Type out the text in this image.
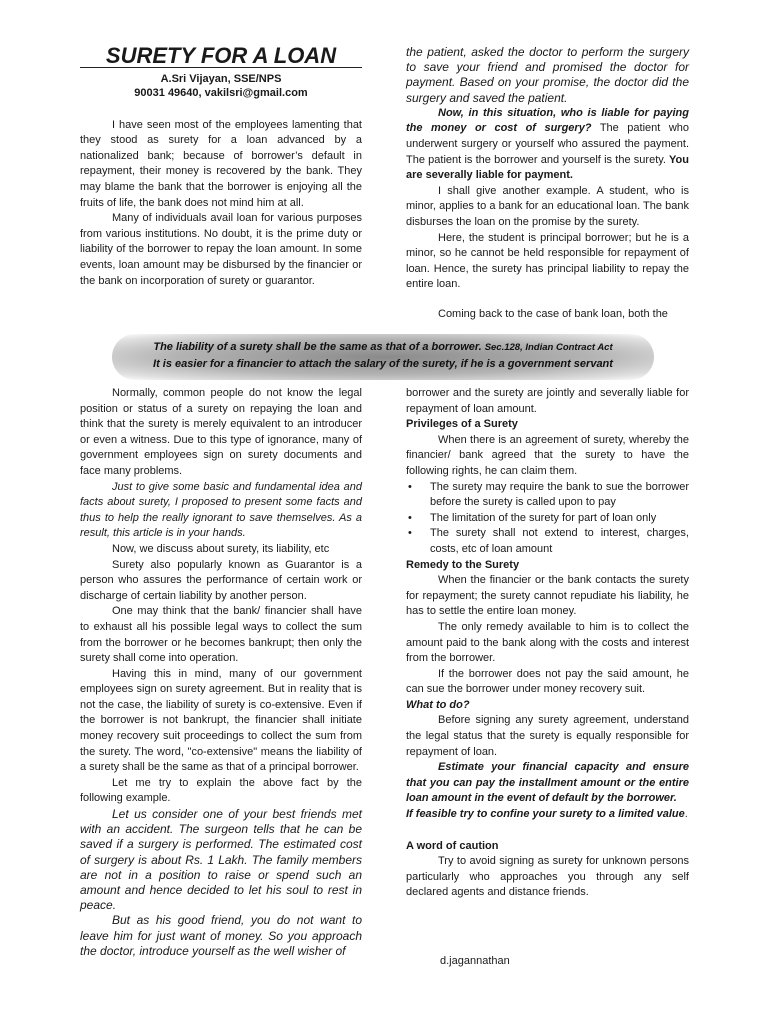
SURETY FOR A LOAN
A.Sri Vijayan, SSE/NPS
90031 49640, vakilsri@gmail.com

I have seen most of the employees lamenting that they stood as surety for a loan advanced by a nationalized bank; because of borrower’s default in repayment, their money is recovered by the bank. They may blame the bank that the borrower is enjoying all the fruits of life, the bank does not mind him at all.

Many of individuals avail loan for various purposes from various institutions. No doubt, it is the prime duty or liability of the borrower to repay the loan amount. In some events, loan amount may be disbursed by the financier or the bank on incorporation of surety or guarantor.

the patient, asked the doctor to perform the surgery to save your friend and promised the doctor for payment. Based on your promise, the doctor did the surgery and saved the patient.

Now, in this situation, who is liable for paying the money or cost of surgery? The patient who underwent surgery or yourself who assured the payment. The patient is the borrower and yourself is the surety. You are severally liable for payment.

I shall give another example. A student, who is minor, applies to a bank for an educational loan. The bank disburses the loan on the promise by the surety.

Here, the student is principal borrower; but he is a minor, so he cannot be held responsible for repayment of loan. Hence, the surety has principal liability to repay the entire loan.

Coming back to the case of bank loan, both the

The liability of a surety shall be the same as that of a borrower. Sec.128, Indian Contract Act
It is easier for a financier to attach the salary of the surety, if he is a government servant

Normally, common people do not know the legal position or status of a surety on repaying the loan and think that the surety is merely equivalent to an introducer or even a witness. Due to this type of ignorance, many of government employees sign on surety documents and face many problems.

Just to give some basic and fundamental idea and facts about surety, I proposed to present some facts and thus to help the really ignorant to save themselves. As a result, this article is in your hands.

Now, we discuss about surety, its liability, etc

Surety also popularly known as Guarantor is a person who assures the performance of certain work or discharge of certain liability by another person.

One may think that the bank/ financier shall have to exhaust all his possible legal ways to collect the sum from the borrower or he becomes bankrupt; then only the surety shall come into operation.

Having this in mind, many of our government employees sign on surety agreement. But in reality that is not the case, the liability of surety is co-extensive. Even if the borrower is not bankrupt, the financier shall initiate money recovery suit proceedings to collect the sum from the surety. The word, "co-extensive" means the liability of a surety shall be the same as that of a principal borrower.

Let me try to explain the above fact by the following example.

Let us consider one of your best friends met with an accident. The surgeon tells that he can be saved if a surgery is performed. The estimated cost of surgery is about Rs. 1 Lakh. The family members are not in a position to raise or spend such an amount and hence decided to let his soul to rest in peace.

But as his good friend, you do not want to leave him for just want of money. So you approach the doctor, introduce yourself as the well wisher of

borrower and the surety are jointly and severally liable for repayment of loan amount.

Privileges of a Surety

When there is an agreement of surety, whereby the financier/ bank agreed that the surety to have the following rights, he can claim them.

• The surety may require the bank to sue the borrower before the surety is called upon to pay
• The limitation of the surety for part of loan only
• The surety shall not extend to interest, charges, costs, etc of loan amount

Remedy to the Surety

When the financier or the bank contacts the surety for repayment; the surety cannot repudiate his liability, he has to settle the entire loan money.

The only remedy available to him is to collect the amount paid to the bank along with the costs and interest from the borrower.

If the borrower does not pay the said amount, he can sue the borrower under money recovery suit.

What to do?

Before signing any surety agreement, understand the legal status that the surety is equally responsible for repayment of loan.

Estimate your financial capacity and ensure that you can pay the installment amount or the entire loan amount in the event of default by the borrower.

If feasible try to confine your surety to a limited value.

A word of caution

Try to avoid signing as surety for unknown persons particularly who approaches you through any self declared agents and distance friends.

d.jagannathan
